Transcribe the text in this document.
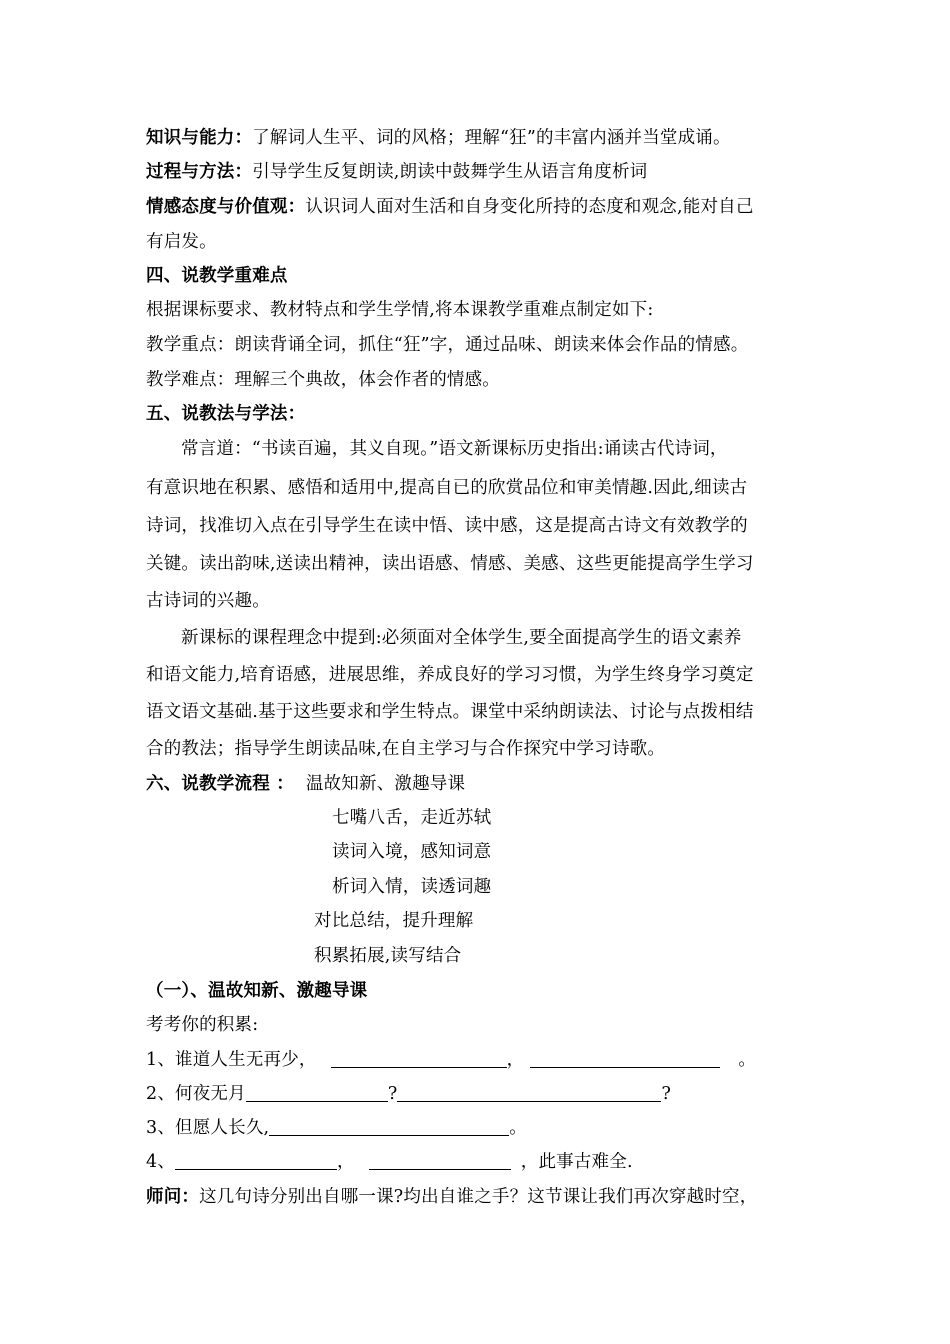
知识与能力：了解词人生平、词的风格；理解“狂”的丰富内涵并当堂成诵。
过程与方法：引导学生反复朗读,朗读中鼓舞学生从语言角度析词
情感态度与价值观：认识词人面对生活和自身变化所持的态度和观念,能对自己
有启发。
四、说教学重难点
根据课标要求、教材特点和学生学情,将本课教学重难点制定如下:
教学重点：朗读背诵全词，抓住“狂”字，通过品味、朗读来体会作品的情感。
教学难点：理解三个典故，体会作者的情感。
五、说教法与学法：
常言道：“书读百遍，其义自现。”语文新课标历史指出:诵读古代诗词，
有意识地在积累、感悟和适用中,提高自已的欣赏品位和审美情趣.因此,细读古
诗词，找准切入点在引导学生在读中悟、读中感，这是提高古诗文有效教学的
关键。读出韵味,送读出精神，读出语感、情感、美感、这些更能提高学生学习
古诗词的兴趣。
新课标的课程理念中提到:必须面对全体学生,要全面提高学生的语文素养
和语文能力,培育语感，进展思维，养成良好的学习习惯，为学生终身学习奠定
语文语文基础.基于这些要求和学生特点。课堂中采纳朗读法、讨论与点拨相结
合的教法；指导学生朗读品味,在自主学习与合作探究中学习诗歌。
六、说教学流程 ： 温故知新、激趣导课
七嘴八舌，走近苏轼
读词入境，感知词意
析词入情，读透词趣
对比总结，提升理解
积累拓展,读写结合
（一）、温故知新、激趣导课
考考你的积累:
1、谁道人生无再少，	，	。
2、何夜无月	?	?
3、但愿人长久,	。
4、	，	，此事古难全.
师问：这几句诗分别出自哪一课?均出自谁之手？这节课让我们再次穿越时空，
